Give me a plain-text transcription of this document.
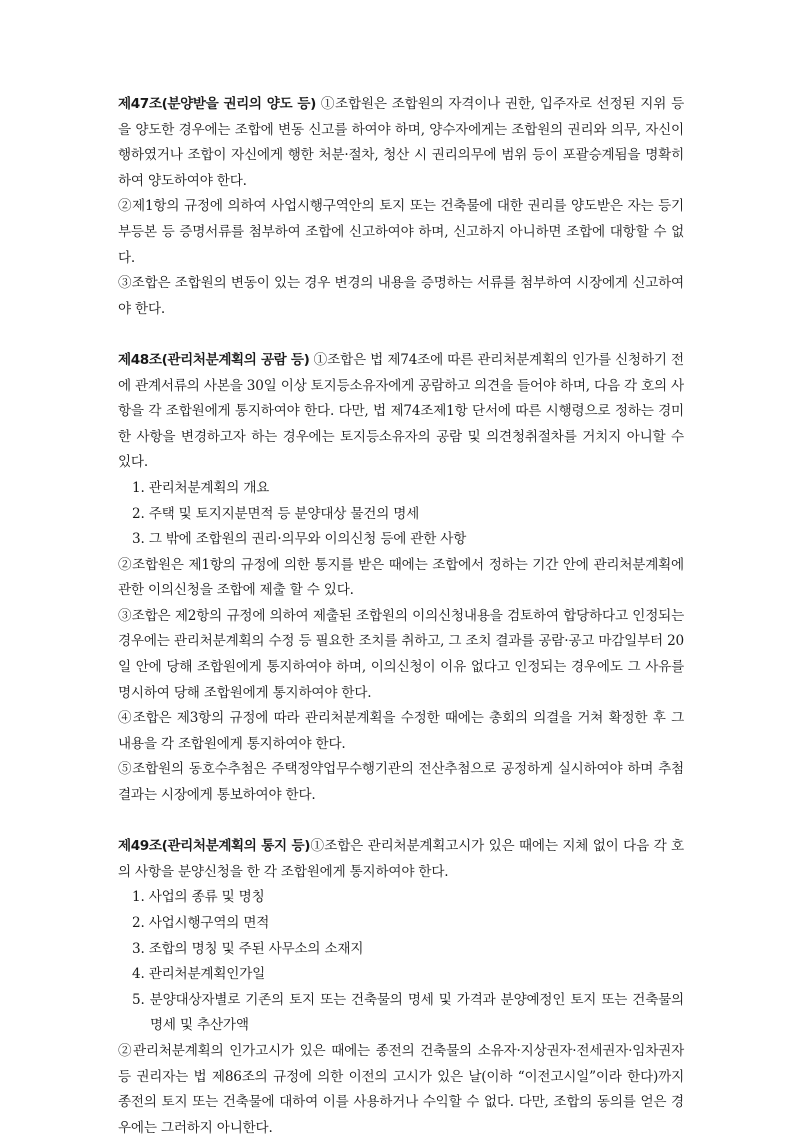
제47조(분양받을 권리의 양도 등) ①조합원은 조합원의 자격이나 권한, 입주자로 선정된 지위 등을 양도한 경우에는 조합에 변동 신고를 하여야 하며, 양수자에게는 조합원의 권리와 의무, 자신이 행하였거나 조합이 자신에게 행한 처분·절차, 청산 시 권리의무에 범위 등이 포괄승계됨을 명확히 하여 양도하여야 한다.

②제1항의 규정에 의하여 사업시행구역안의 토지 또는 건축물에 대한 권리를 양도받은 자는 등기부등본 등 증명서류를 첨부하여 조합에 신고하여야 하며, 신고하지 아니하면 조합에 대항할 수 없다.

③조합은 조합원의 변동이 있는 경우 변경의 내용을 증명하는 서류를 첨부하여 시장에게 신고하여야 한다.

제48조(관리처분계획의 공람 등) ①조합은 법 제74조에 따른 관리처분계획의 인가를 신청하기 전에 관계서류의 사본을 30일 이상 토지등소유자에게 공람하고 의견을 들어야 하며, 다음 각 호의 사항을 각 조합원에게 통지하여야 한다. 다만, 법 제74조제1항 단서에 따른 시행령으로 정하는 경미한 사항을 변경하고자 하는 경우에는 토지등소유자의 공람 및 의견청취절차를 거치지 아니할 수 있다.

1. 관리처분계획의 개요

2. 주택 및 토지지분면적 등 분양대상 물건의 명세

3. 그 밖에 조합원의 권리·의무와 이의신청 등에 관한 사항

②조합원은 제1항의 규정에 의한 통지를 받은 때에는 조합에서 정하는 기간 안에 관리처분계획에 관한 이의신청을 조합에 제출 할 수 있다.

③조합은 제2항의 규정에 의하여 제출된 조합원의 이의신청내용을 검토하여 합당하다고 인정되는 경우에는 관리처분계획의 수정 등 필요한 조치를 취하고, 그 조치 결과를 공람·공고 마감일부터 20일 안에 당해 조합원에게 통지하여야 하며, 이의신청이 이유 없다고 인정되는 경우에도 그 사유를 명시하여 당해 조합원에게 통지하여야 한다.

④조합은 제3항의 규정에 따라 관리처분계획을 수정한 때에는 총회의 의결을 거쳐 확정한 후 그 내용을 각 조합원에게 통지하여야 한다.

⑤조합원의 동호수추첨은 주택정약업무수행기관의 전산추첨으로 공정하게 실시하여야 하며 추첨결과는 시장에게 통보하여야 한다.

제49조(관리처분계획의 통지 등)①조합은 관리처분계획고시가 있은 때에는 지체 없이 다음 각 호의 사항을 분양신청을 한 각 조합원에게 통지하여야 한다.

1. 사업의 종류 및 명칭

2. 사업시행구역의 면적

3. 조합의 명칭 및 주된 사무소의 소재지

4. 관리처분계획인가일

5. 분양대상자별로 기존의 토지 또는 건축물의 명세 및 가격과 분양예정인 토지 또는 건축물의 명세 및 추산가액

②관리처분계획의 인가고시가 있은 때에는 종전의 건축물의 소유자·지상권자·전세권자·임차권자 등 권리자는 법 제86조의 규정에 의한 이전의 고시가 있은 날(이하 “이전고시일”이라 한다)까지 종전의 토지 또는 건축물에 대하여 이를 사용하거나 수익할 수 없다. 다만, 조합의 동의를 얻은 경우에는 그러하지 아니한다.
